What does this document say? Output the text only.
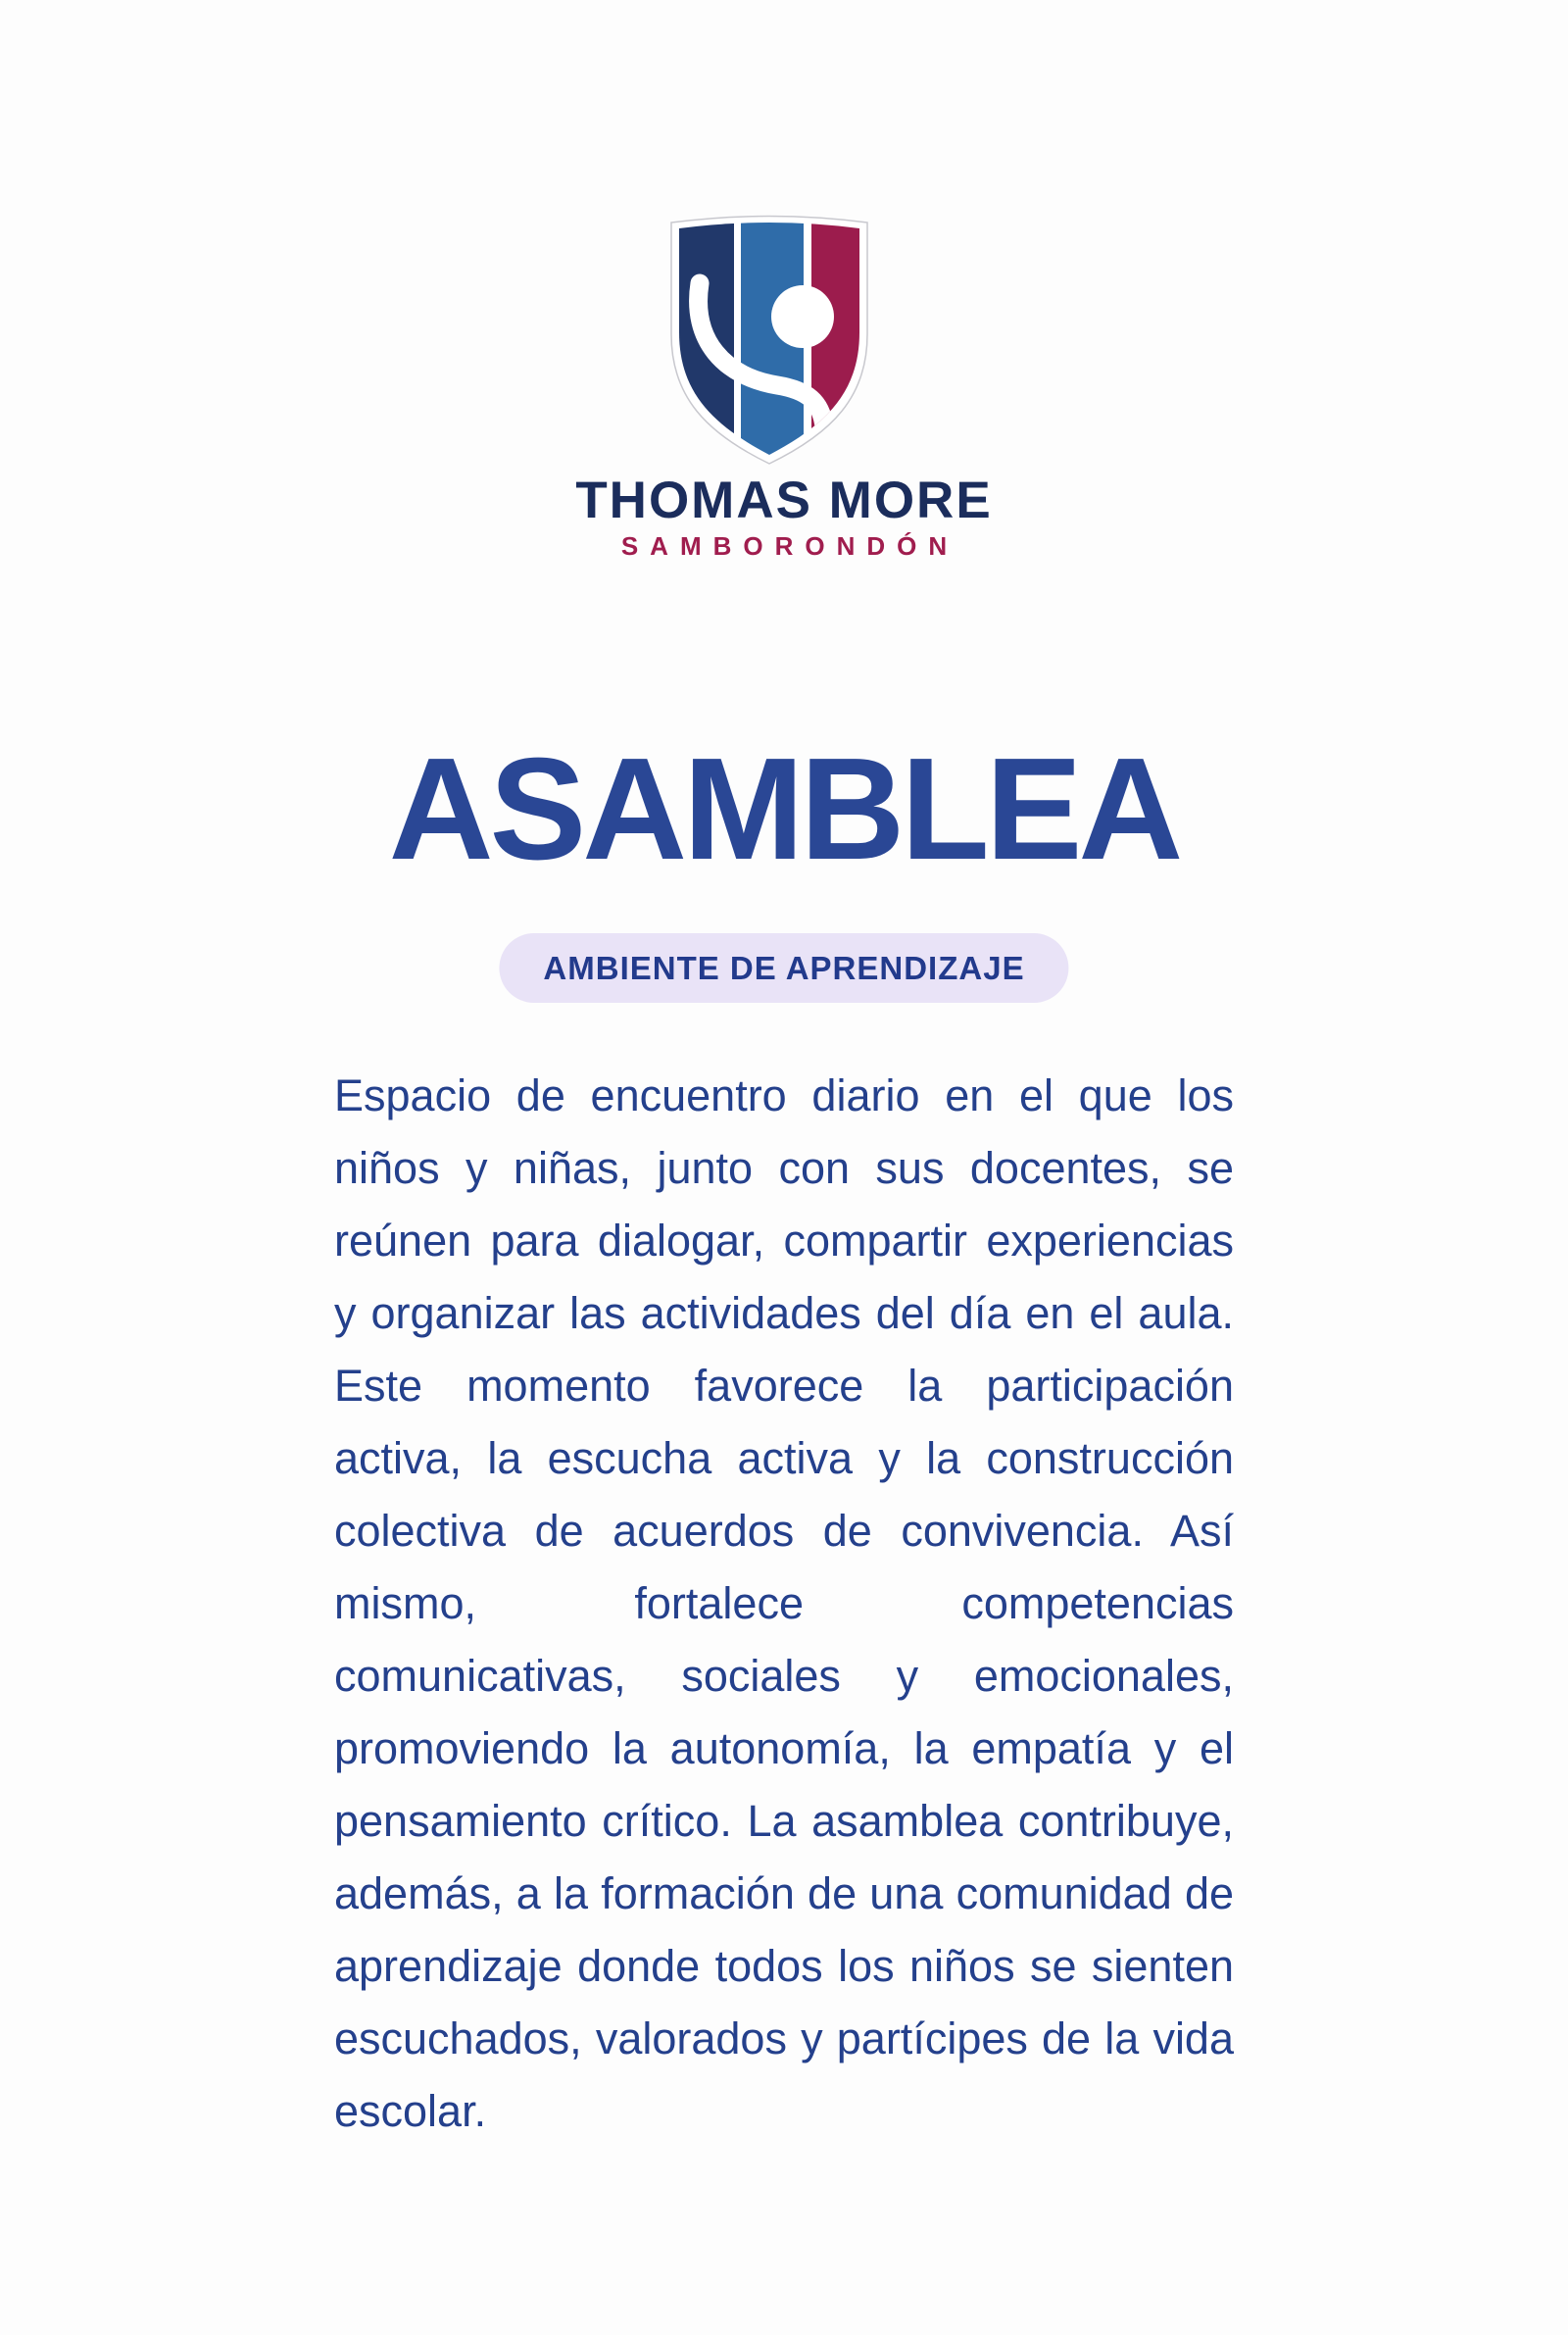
THOMAS MORE
SAMBORONDÓN
ASAMBLEA
AMBIENTE DE APRENDIZAJE
Espacio de encuentro diario en el que los
niños y niñas, junto con sus docentes, se
reúnen para dialogar, compartir experiencias
y organizar las actividades del día en el aula.
Este momento favorece la participación
activa, la escucha activa y la construcción
colectiva de acuerdos de convivencia. Así
mismo, fortalece competencias
comunicativas, sociales y emocionales,
promoviendo la autonomía, la empatía y el
pensamiento crítico. La asamblea contribuye,
además, a la formación de una comunidad de
aprendizaje donde todos los niños se sienten
escuchados, valorados y partícipes de la vida
escolar.
